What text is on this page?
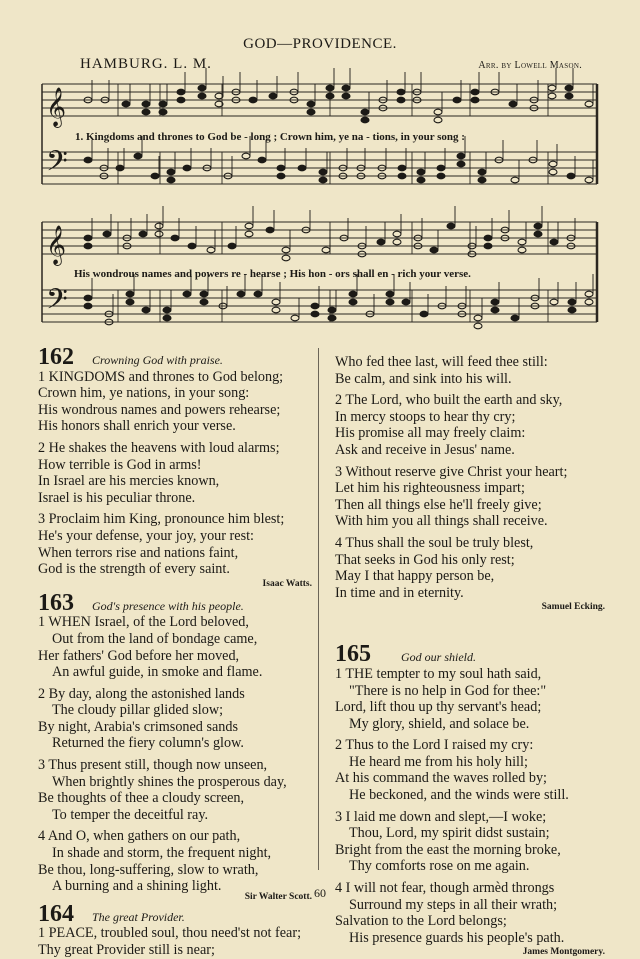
GOD—PROVIDENCE.
HAMBURG. L. M.	Arr. by Lowell Mason.
𝄞
𝄢
𝄞
𝄢
1. Kingdoms and thrones to God be - long ; Crown him, ye na - tions, in your song :
His wondrous names and powers re - hearse ; His hon - ors shall en - rich your verse.
162 Crowning God with praise.
1 KINGDOMS and thrones to God belong;
Crown him, ye nations, in your song:
His wondrous names and powers rehearse;
His honors shall enrich your verse.
2 He shakes the heavens with loud alarms;
How terrible is God in arms!
In Israel are his mercies known,
Israel is his peculiar throne.
3 Proclaim him King, pronounce him blest;
He's your defense, your joy, your rest:
When terrors rise and nations faint,
God is the strength of every saint.
Isaac Watts.
163 God's presence with his people.
1 WHEN Israel, of the Lord beloved,
Out from the land of bondage came,
Her fathers' God before her moved,
An awful guide, in smoke and flame.
2 By day, along the astonished lands
The cloudy pillar glided slow;
By night, Arabia's crimsoned sands
Returned the fiery column's glow.
3 Thus present still, though now unseen,
When brightly shines the prosperous day,
Be thoughts of thee a cloudy screen,
To temper the deceitful ray.
4 And O, when gathers on our path,
In shade and storm, the frequent night,
Be thou, long-suffering, slow to wrath,
A burning and a shining light.
Sir Walter Scott.
164 The great Provider.
1 PEACE, troubled soul, thou need'st not fear;
Thy great Provider still is near;
Who fed thee last, will feed thee still:
Be calm, and sink into his will.
2 The Lord, who built the earth and sky,
In mercy stoops to hear thy cry;
His promise all may freely claim:
Ask and receive in Jesus' name.
3 Without reserve give Christ your heart;
Let him his righteousness impart;
Then all things else he'll freely give;
With him you all things shall receive.
4 Thus shall the soul be truly blest,
That seeks in God his only rest;
May I that happy person be,
In time and in eternity.
Samuel Ecking.
165	God our shield.
1 THE tempter to my soul hath said,
"There is no help in God for thee:"
Lord, lift thou up thy servant's head;
My glory, shield, and solace be.
2 Thus to the Lord I raised my cry:
He heard me from his holy hill;
At his command the waves rolled by;
He beckoned, and the winds were still.
3 I laid me down and slept,—I woke;
Thou, Lord, my spirit didst sustain;
Bright from the east the morning broke,
Thy comforts rose on me again.
4 I will not fear, though armèd throngs
Surround my steps in all their wrath;
Salvation to the Lord belongs;
His presence guards his people's path.
James Montgomery.
60
